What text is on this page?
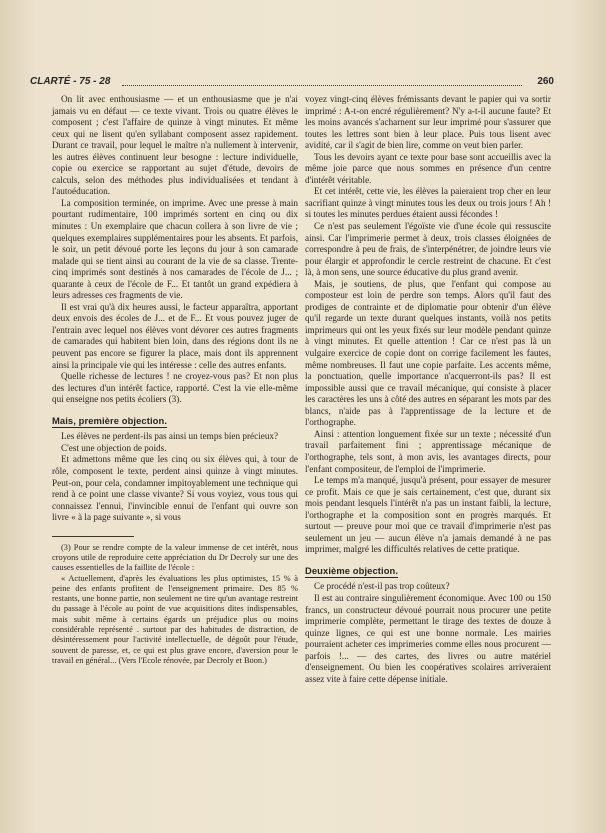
CLARTÉ - 75 - 28	260

On lit avec enthousiasme — et un enthousiasme que je n'ai jamais vu en défaut — ce texte vivant. Trois ou quatre élèves le composent ; c'est l'affaire de quinze à vingt minutes. Et même ceux qui ne lisent qu'en syllabant composent assez rapidement. Durant ce travail, pour lequel le maître n'a nullement à intervenir, les autres élèves continuent leur besogne : lecture individuelle, copie ou exercice se rapportant au sujet d'étude, devoirs de calculs, selon des méthodes plus individualisées et tendant à l'autoéducation.

La composition terminée, on imprime. Avec une presse à main pourtant rudimentaire, 100 imprimés sortent en cinq ou dix minutes : Un exemplaire que chacun collera à son livre de vie ; quelques exemplaires supplémentaires pour les absents. Et parfois, le soir, un petit dévoué porte les leçons du jour à son camarade malade qui se tient ainsi au courant de la vie de sa classe. Trente-cinq imprimés sont destinés à nos camarades de l'école de J... ; quarante à ceux de l'école de F... Et tantôt un grand expédiera à leurs adresses ces fragments de vie.

Il est vrai qu'à dix heures aussi, le facteur apparaîtra, apportant deux envois des écoles de J... et de F... Et vous pouvez juger de l'entrain avec lequel nos élèves vont dévorer ces autres fragments de camarades qui habitent bien loin, dans des régions dont ils ne peuvent pas encore se figurer la place, mais dont ils apprennent ainsi la principale vie qui les intéresse : celle des autres enfants.

Quelle richesse de lectures ! ne croyez-vous pas? Et non plus des lectures d'un intérêt factice, rapporté. C'est la vie elle-même qui enseigne nos petits écoliers (3).

Mais, première objection.

Les élèves ne perdent-ils pas ainsi un temps bien précieux?

C'est une objection de poids.

Et admettons même que les cinq ou six élèves qui, à tour de rôle, composent le texte, perdent ainsi quinze à vingt minutes. Peut-on, pour cela, condamner impitoyablement une technique qui rend à ce point une classe vivante? Si vous voyiez, vous tous qui connaissez l'ennui, l'invincible ennui de l'enfant qui ouvre son livre « à la page suivante », si vous

(3) Pour se rendre compte de la valeur immense de cet intérêt, nous croyons utile de reproduire cette appréciation du Dr Decroly sur une des causes essentielles de la faillite de l'école :

« Actuellement, d'après les évaluations les plus optimistes, 15 % à peine des enfants profitent de l'enseignement primaire. Des 85 % restants, une bonne partie, non seulement ne tire qu'un avantage restreint du passage à l'école au point de vue acquisitions dites indispensables, mais subit même à certains égards un préjudice plus ou moins considérable représenté . surtout par des habitudes de distraction, de désintéressement pour l'activité intellectuelle, de dégoût pour l'étude, souvent de paresse, et, ce qui est plus grave encore, d'aversion pour le travail en général... (Vers l'Ecole rénovée, par Decroly et Boon.)

voyez vingt-cinq élèves frémissants devant le papier qui va sortir imprimé : A-t-on encré régulièrement? N'y a-t-il aucune faute? Et les moins avancés s'acharnent sur leur imprimé pour s'assurer que toutes les lettres sont bien à leur place. Puis tous lisent avec avidité, car il s'agit de bien lire, comme on veut bien parler.

Tous les devoirs ayant ce texte pour base sont accueillis avec la même joie parce que nous sommes en présence d'un centre d'intérêt véritable.

Et cet intérêt, cette vie, les élèves la paieraient trop cher en leur sacrifiant quinze à vingt minutes tous les deux ou trois jours ! Ah ! si toutes les minutes perdues étaient aussi fécondes !

Ce n'est pas seulement l'égoïste vie d'une école qui ressuscite ainsi. Car l'imprimerie permet à deux, trois classes éloignées de correspondre à peu de frais, de s'interpénétrer, de joindre leurs vie pour élargir et approfondir le cercle restreint de chacune. Et c'est là, à mon sens, une source éducative du plus grand avenir.

Mais, je soutiens, de plus, que l'enfant qui compose au composteur est loin de perdre son temps. Alors qu'il faut des prodiges de contrainte et de diplomatie pour obtenir d'un élève qu'il regarde un texte durant quelques instants, voilà nos petits imprimeurs qui ont les yeux fixés sur leur modèle pendant quinze à vingt minutes. Et quelle attention ! Car ce n'est pas là un vulgaire exercice de copie dont on corrige facilement les fautes, même nombreuses. Il faut une copie parfaite. Les accents même, la ponctuation, quelle importance n'acquerront-ils pas? Il est impossible aussi que ce travail mécanique, qui consiste à placer les caractères les uns à côté des autres en séparant les mots par des blancs, n'aide pas à l'apprentissage de la lecture et de l'orthographe.

Ainsi : attention longuement fixée sur un texte ; nécessité d'un travail parfaitement fini ; apprentissage mécanique de l'orthographe, tels sont, à mon avis, les avantages directs, pour l'enfant compositeur, de l'emploi de l'imprimerie.

Le temps m'a manqué, jusqu'à présent, pour essayer de mesurer ce profit. Mais ce que je sais certainement, c'est que, durant six mois pendant lesquels l'intérêt n'a pas un instant faibli, la lecture, l'orthographe et la composition sont en progrès marqués. Et surtout — preuve pour moi que ce travail d'imprimerie n'est pas seulement un jeu — aucun élève n'a jamais demandé à ne pas imprimer, malgré les difficultés relatives de cette pratique.

Deuxième objection.

Ce procédé n'est-il pas trop coûteux?

Il est au contraire singulièrement économique. Avec 100 ou 150 francs, un constructeur dévoué pourrait nous procurer une petite imprimerie complète, permettant le tirage des textes de douze à quinze lignes, ce qui est une bonne normale. Les mairies pourraient acheter ces imprimeries comme elles nous procurent — parfois !... — des cartes, des livres ou autre matériel d'enseignement. Ou bien les coopératives scolaires arriveraient assez vite à faire cette dépense initiale.
